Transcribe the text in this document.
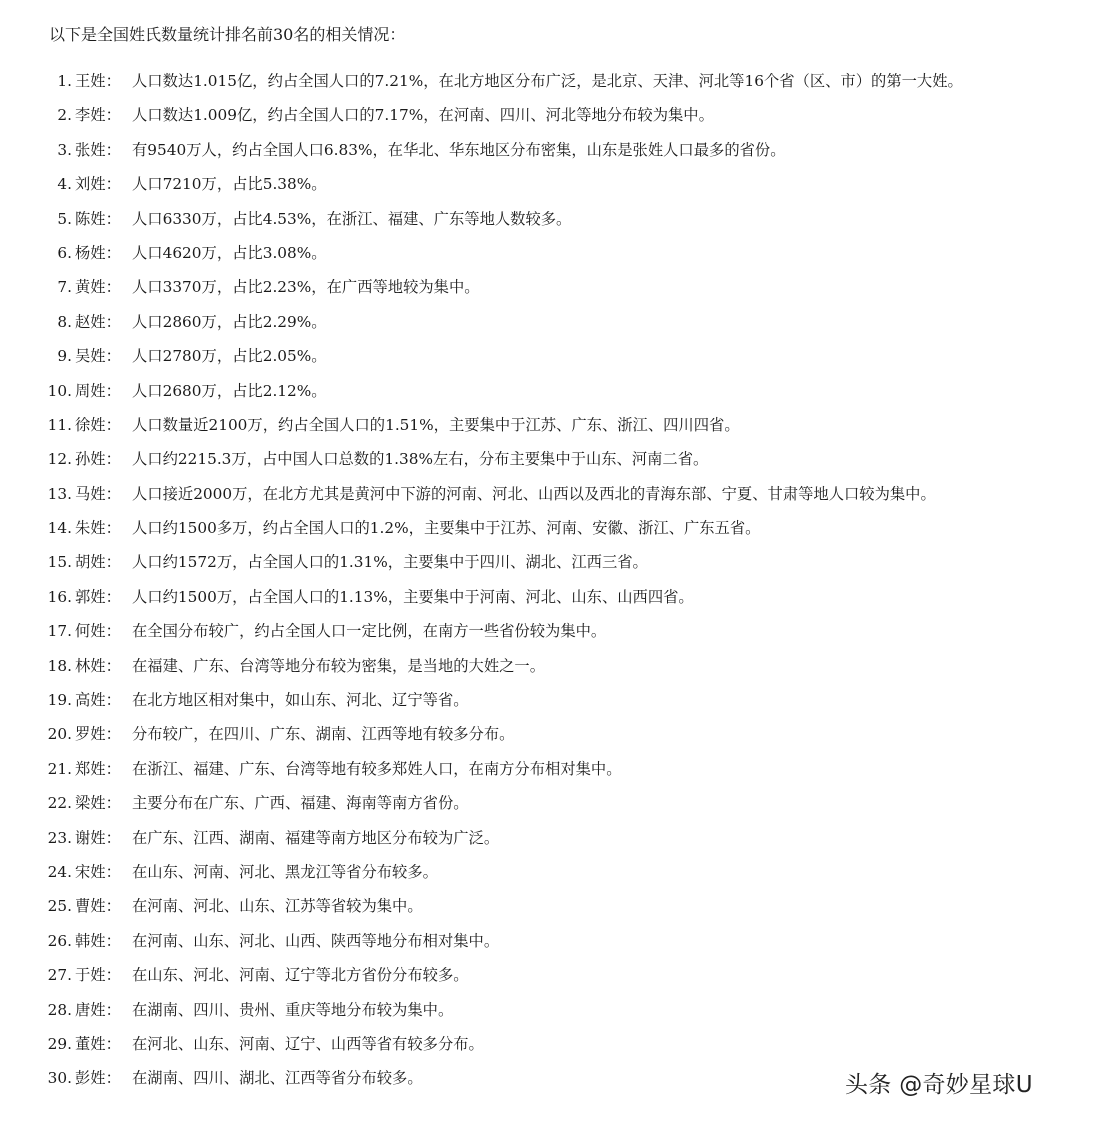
以下是全国姓氏数量统计排名前30名的相关情况：
1. 王姓： 人口数达1.015亿，约占全国人口的7.21%，在北方地区分布广泛，是北京、天津、河北等16个省（区、市）的第一大姓。
2. 李姓： 人口数达1.009亿，约占全国人口的7.17%，在河南、四川、河北等地分布较为集中。
3. 张姓： 有9540万人，约占全国人口6.83%，在华北、华东地区分布密集，山东是张姓人口最多的省份。
4. 刘姓： 人口7210万，占比5.38%。
5. 陈姓： 人口6330万，占比4.53%，在浙江、福建、广东等地人数较多。
6. 杨姓： 人口4620万，占比3.08%。
7. 黄姓： 人口3370万，占比2.23%，在广西等地较为集中。
8. 赵姓： 人口2860万，占比2.29%。
9. 吴姓： 人口2780万，占比2.05%。
10. 周姓： 人口2680万，占比2.12%。
11. 徐姓： 人口数量近2100万，约占全国人口的1.51%，主要集中于江苏、广东、浙江、四川四省。
12. 孙姓： 人口约2215.3万，占中国人口总数的1.38%左右，分布主要集中于山东、河南二省。
13. 马姓： 人口接近2000万，在北方尤其是黄河中下游的河南、河北、山西以及西北的青海东部、宁夏、甘肃等地人口较为集中。
14. 朱姓： 人口约1500多万，约占全国人口的1.2%，主要集中于江苏、河南、安徽、浙江、广东五省。
15. 胡姓： 人口约1572万，占全国人口的1.31%，主要集中于四川、湖北、江西三省。
16. 郭姓： 人口约1500万，占全国人口的1.13%，主要集中于河南、河北、山东、山西四省。
17. 何姓： 在全国分布较广，约占全国人口一定比例，在南方一些省份较为集中。
18. 林姓： 在福建、广东、台湾等地分布较为密集，是当地的大姓之一。
19. 高姓： 在北方地区相对集中，如山东、河北、辽宁等省。
20. 罗姓： 分布较广，在四川、广东、湖南、江西等地有较多分布。
21. 郑姓： 在浙江、福建、广东、台湾等地有较多郑姓人口，在南方分布相对集中。
22. 梁姓： 主要分布在广东、广西、福建、海南等南方省份。
23. 谢姓： 在广东、江西、湖南、福建等南方地区分布较为广泛。
24. 宋姓： 在山东、河南、河北、黑龙江等省分布较多。
25. 曹姓： 在河南、河北、山东、江苏等省较为集中。
26. 韩姓： 在河南、山东、河北、山西、陕西等地分布相对集中。
27. 于姓： 在山东、河北、河南、辽宁等北方省份分布较多。
28. 唐姓： 在湖南、四川、贵州、重庆等地分布较为集中。
29. 董姓： 在河北、山东、河南、辽宁、山西等省有较多分布。
30. 彭姓： 在湖南、四川、湖北、江西等省分布较多。	头条 @奇妙星球U
